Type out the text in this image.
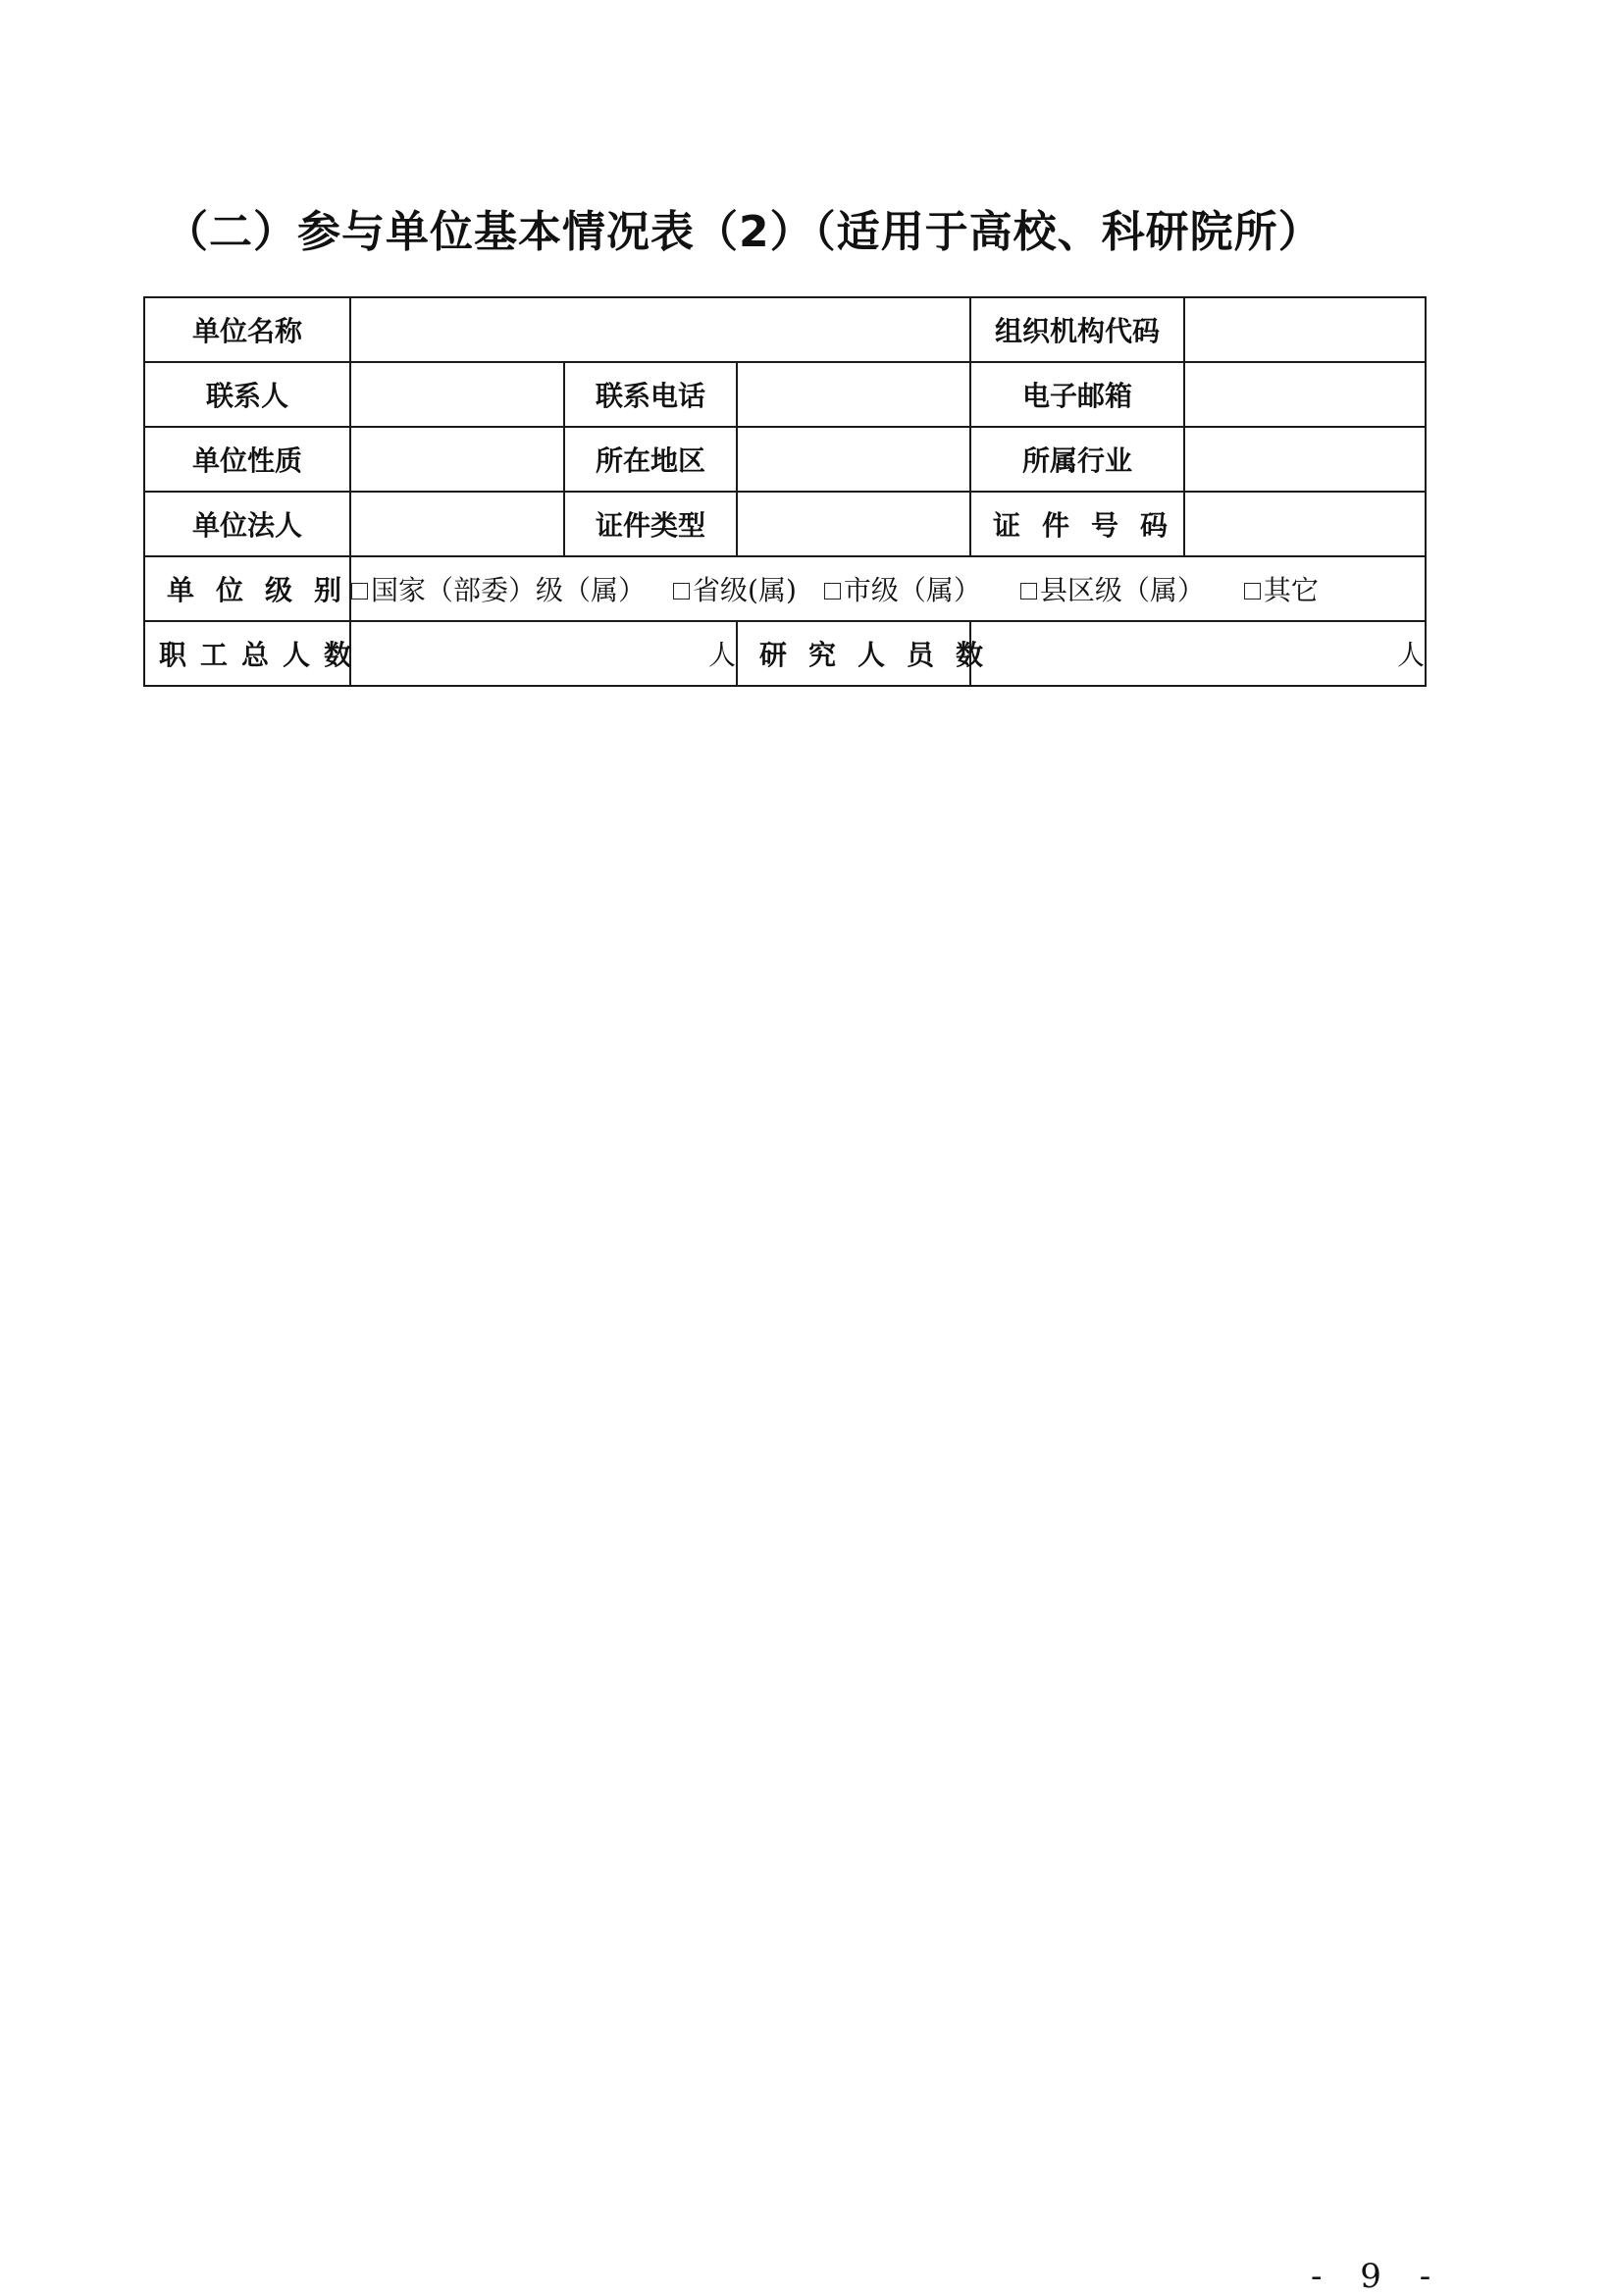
（二）参与单位基本情况表（2）（适用于高校、科研院所）
单位名称				组织机构代码	
联系人		联系电话		电子邮箱	
单位性质		所在地区		所属行业	
单位法人		证件类型		证件号码	
单位级别	国家（部委）级（属） 省级(属) 市级（属） 县区级（属） 其它				
职工总人数	人		研究人员数	人	
- 9 -
